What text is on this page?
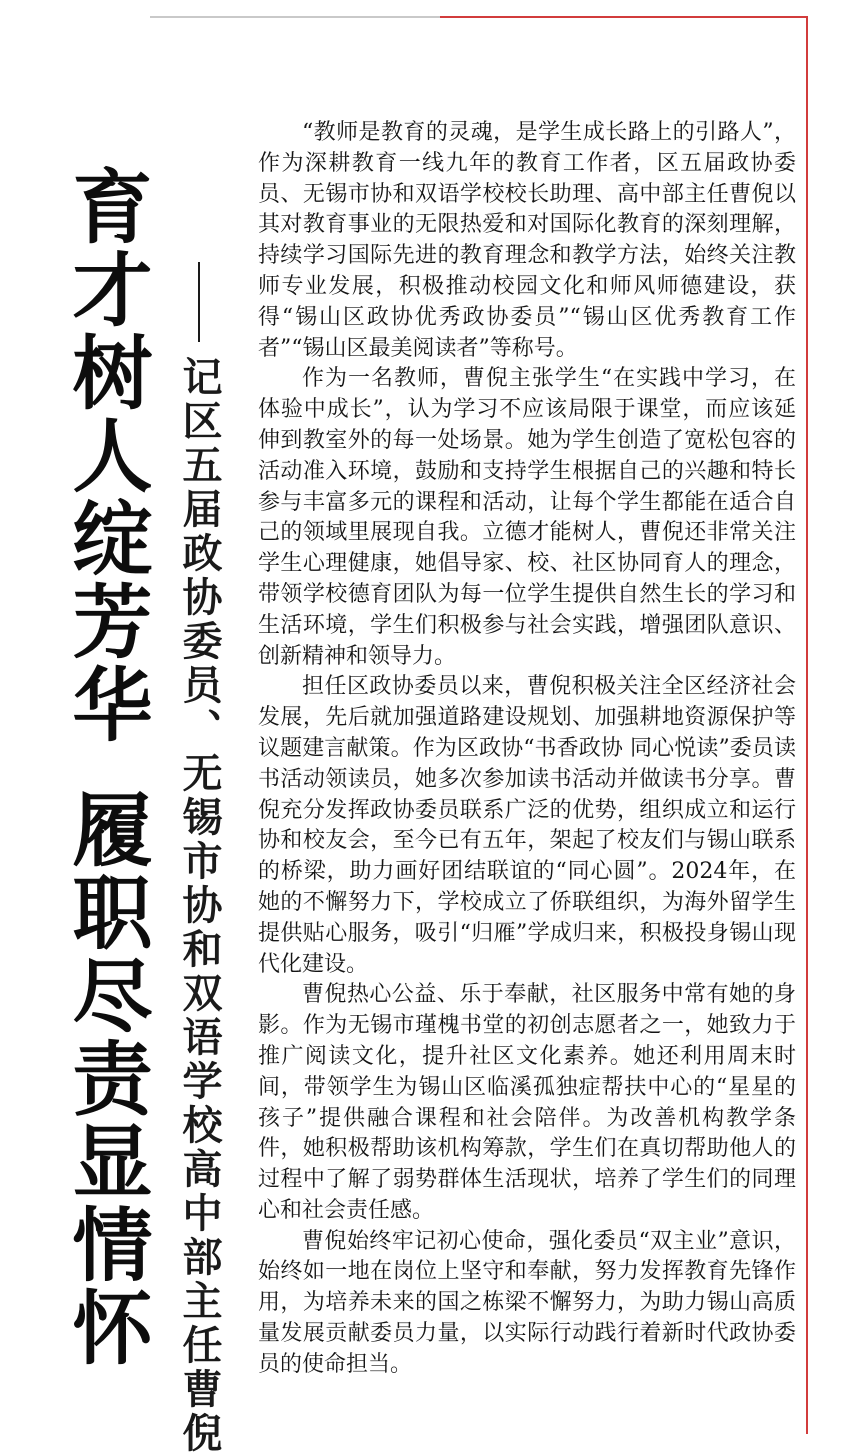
育才树人绽芳华履职尽责显情怀 记区五届政协委员、无锡市协和双语学校高中部主任曹倪

“教师是教育的灵魂，是学生成长路上的引路人”，作为深耕教育一线九年的教育工作者，区五届政协委员、无锡市协和双语学校校长助理、高中部主任曹倪以其对教育事业的无限热爱和对国际化教育的深刻理解，持续学习国际先进的教育理念和教学方法，始终关注教师专业发展，积极推动校园文化和师风师德建设，获得“锡山区政协优秀政协委员”“锡山区优秀教育工作者”“锡山区最美阅读者”等称号。

作为一名教师，曹倪主张学生“在实践中学习，在体验中成长”，认为学习不应该局限于课堂，而应该延伸到教室外的每一处场景。她为学生创造了宽松包容的活动准入环境，鼓励和支持学生根据自己的兴趣和特长参与丰富多元的课程和活动，让每个学生都能在适合自己的领域里展现自我。立德才能树人，曹倪还非常关注学生心理健康，她倡导家、校、社区协同育人的理念，带领学校德育团队为每一位学生提供自然生长的学习和生活环境，学生们积极参与社会实践，增强团队意识、创新精神和领导力。

担任区政协委员以来，曹倪积极关注全区经济社会发展，先后就加强道路建设规划、加强耕地资源保护等议题建言献策。作为区政协“书香政协 同心悦读”委员读书活动领读员，她多次参加读书活动并做读书分享。曹倪充分发挥政协委员联系广泛的优势，组织成立和运行协和校友会，至今已有五年，架起了校友们与锡山联系的桥梁，助力画好团结联谊的“同心圆”。2024年，在她的不懈努力下，学校成立了侨联组织，为海外留学生提供贴心服务，吸引“归雁”学成归来，积极投身锡山现代化建设。

曹倪热心公益、乐于奉献，社区服务中常有她的身影。作为无锡市瑾槐书堂的初创志愿者之一，她致力于推广阅读文化，提升社区文化素养。她还利用周末时间，带领学生为锡山区临溪孤独症帮扶中心的“星星的孩子”提供融合课程和社会陪伴。为改善机构教学条件，她积极帮助该机构筹款，学生们在真切帮助他人的过程中了解了弱势群体生活现状，培养了学生们的同理心和社会责任感。

曹倪始终牢记初心使命，强化委员“双主业”意识，始终如一地在岗位上坚守和奉献，努力发挥教育先锋作用，为培养未来的国之栋梁不懈努力，为助力锡山高质量发展贡献委员力量，以实际行动践行着新时代政协委员的使命担当。
